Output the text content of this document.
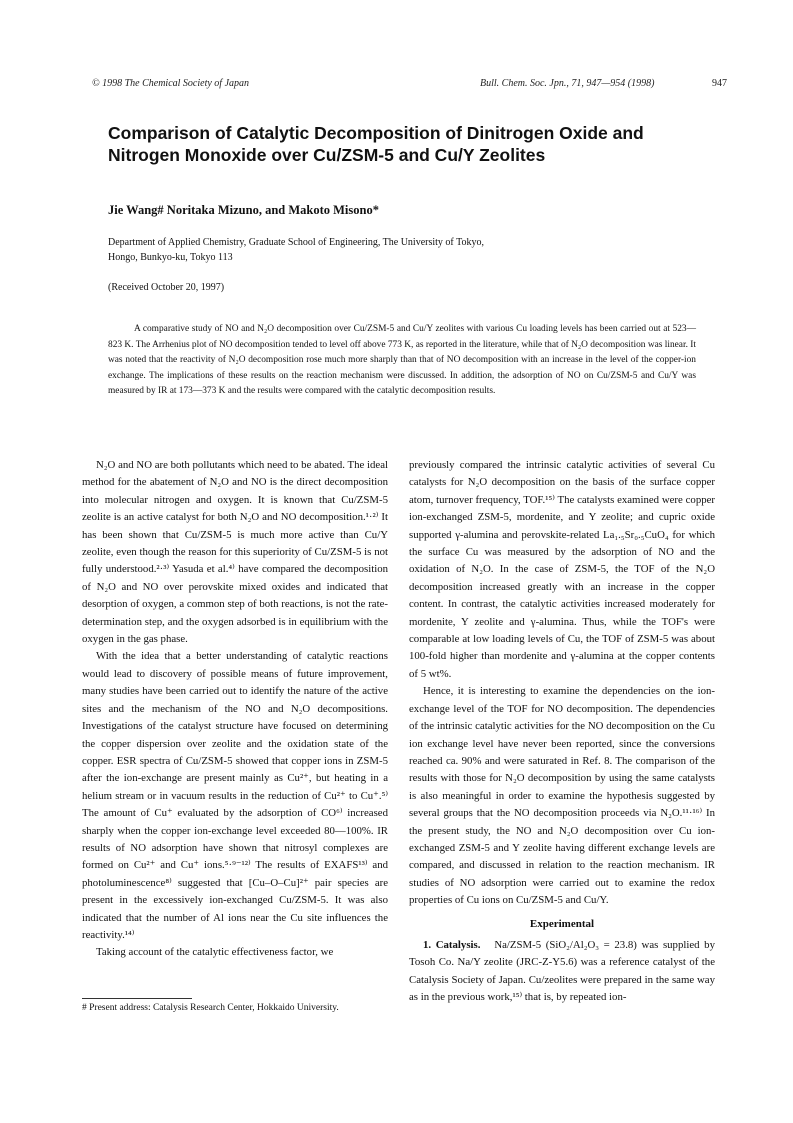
© 1998 The Chemical Society of Japan	Bull. Chem. Soc. Jpn., 71, 947—954 (1998)	947
Comparison of Catalytic Decomposition of Dinitrogen Oxide and
Nitrogen Monoxide over Cu/ZSM-5 and Cu/Y Zeolites
Jie Wang# Noritaka Mizuno, and Makoto Misono*
Department of Applied Chemistry, Graduate School of Engineering, The University of Tokyo,
Hongo, Bunkyo-ku, Tokyo 113
(Received October 20, 1997)

A comparative study of NO and N₂O decomposition over Cu/ZSM-5 and Cu/Y zeolites with various Cu loading levels has been carried out at 523—823 K. The Arrhenius plot of NO decomposition tended to level off above 773 K, as reported in the literature, while that of N₂O decomposition was linear. It was noted that the reactivity of N₂O decomposition rose much more sharply than that of NO decomposition with an increase in the level of the copper-ion exchange. The implications of these results on the reaction mechanism were discussed. In addition, the adsorption of NO on Cu/ZSM-5 and Cu/Y was measured by IR at 173—373 K and the results were compared with the catalytic decomposition results.

N₂O and NO are both pollutants which need to be abated. The ideal method for the abatement of N₂O and NO is the direct decomposition into molecular nitrogen and oxygen. It is known that Cu/ZSM-5 zeolite is an active catalyst for both N₂O and NO decomposition.¹·²⁾ It has been shown that Cu/ZSM-5 is much more active than Cu/Y zeolite, even though the reason for this superiority of Cu/ZSM-5 is not fully understood.²·³⁾ Yasuda et al.⁴⁾ have compared the decomposition of N₂O and NO over perovskite mixed oxides and indicated that desorption of oxygen, a common step of both reactions, is not the rate-determination step, and the oxygen adsorbed is in equilibrium with the oxygen in the gas phase.

With the idea that a better understanding of catalytic reactions would lead to discovery of possible means of future improvement, many studies have been carried out to identify the nature of the active sites and the mechanism of the NO and N₂O decompositions. Investigations of the catalyst structure have focused on determining the copper dispersion over zeolite and the oxidation state of the copper. ESR spectra of Cu/ZSM-5 showed that copper ions in ZSM-5 after the ion-exchange are present mainly as Cu²⁺, but heating in a helium stream or in vacuum results in the reduction of Cu²⁺ to Cu⁺.⁵⁾ The amount of Cu⁺ evaluated by the adsorption of CO⁶⁾ increased sharply when the copper ion-exchange level exceeded 80—100%. IR results of NO adsorption have shown that nitrosyl complexes are formed on Cu²⁺ and Cu⁺ ions.⁵·⁹⁻¹²⁾ The results of EXAFS¹³⁾ and photoluminescence⁸⁾ suggested that [Cu–O–Cu]²⁺ pair species are present in the excessively ion-exchanged Cu/ZSM-5. It was also indicated that the number of Al ions near the Cu site influences the reactivity.¹⁴⁾

Taking account of the catalytic effectiveness factor, we

previously compared the intrinsic catalytic activities of several Cu catalysts for N₂O decomposition on the basis of the surface copper atom, turnover frequency, TOF.¹⁵⁾ The catalysts examined were copper ion-exchanged ZSM-5, mordenite, and Y zeolite; and cupric oxide supported γ-alumina and perovskite-related La₁.₅Sr₀.₅CuO₄ for which the surface Cu was measured by the adsorption of NO and the oxidation of N₂O. In the case of ZSM-5, the TOF of the N₂O decomposition increased greatly with an increase in the copper content. In contrast, the catalytic activities increased moderately for mordenite, Y zeolite and γ-alumina. Thus, while the TOF's were comparable at low loading levels of Cu, the TOF of ZSM-5 was about 100-fold higher than mordenite and γ-alumina at the copper contents of 5 wt%.

Hence, it is interesting to examine the dependencies on the ion-exchange level of the TOF for NO decomposition. The dependencies of the intrinsic catalytic activities for the NO decomposition on the Cu ion exchange level have never been reported, since the conversions reached ca. 90% and were saturated in Ref. 8. The comparison of the results with those for N₂O decomposition by using the same catalysts is also meaningful in order to examine the hypothesis suggested by several groups that the NO decomposition proceeds via N₂O.¹¹·¹⁶⁾ In the present study, the NO and N₂O decomposition over Cu ion-exchanged ZSM-5 and Y zeolite having different exchange levels are compared, and discussed in relation to the reaction mechanism. IR studies of NO adsorption were carried out to examine the redox properties of Cu ions on Cu/ZSM-5 and Cu/Y.

Experimental

1. Catalysis. Na/ZSM-5 (SiO₂/Al₂O₃ = 23.8) was supplied by Tosoh Co. Na/Y zeolite (JRC-Z-Y5.6) was a reference catalyst of the Catalysis Society of Japan. Cu/zeolites were prepared in the same way as in the previous work,¹⁵⁾ that is, by repeated ion-

# Present address: Catalysis Research Center, Hokkaido University.
